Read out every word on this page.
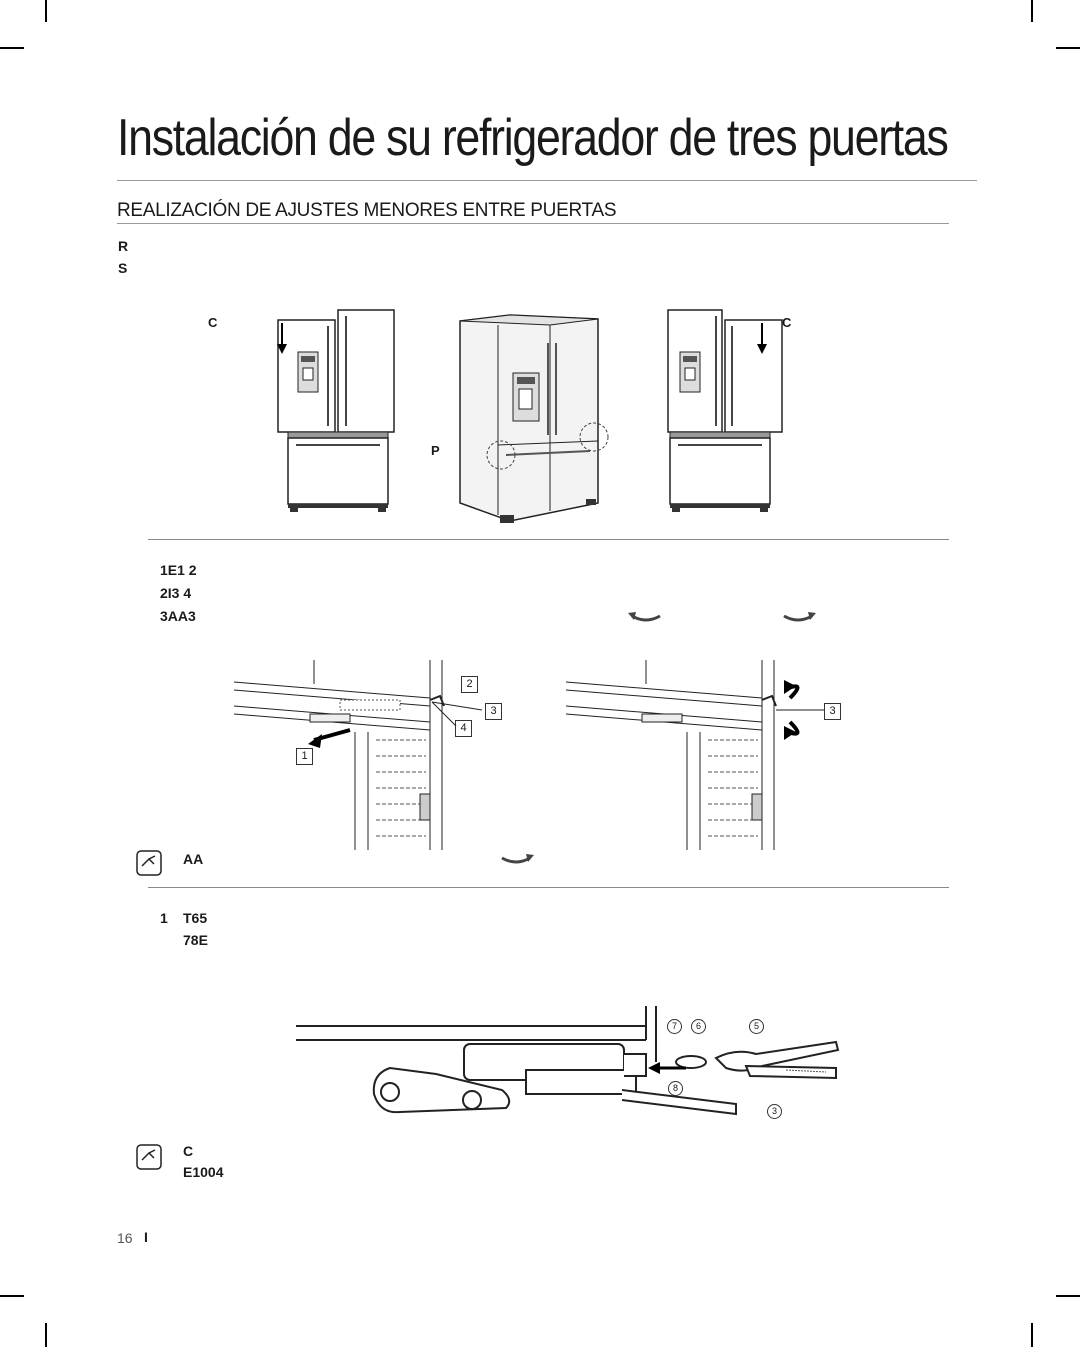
Instalación de su refrigerador de tres puertas
REALIZACIÓN DE AJUSTES MENORES ENTRE PUERTAS
R
S
C	C
P
1E1 2
2I3 4
3AA3
2
3
4
1
3
AA
1 T65
78E
7	6	5
8
3
C
E1004
16 I
